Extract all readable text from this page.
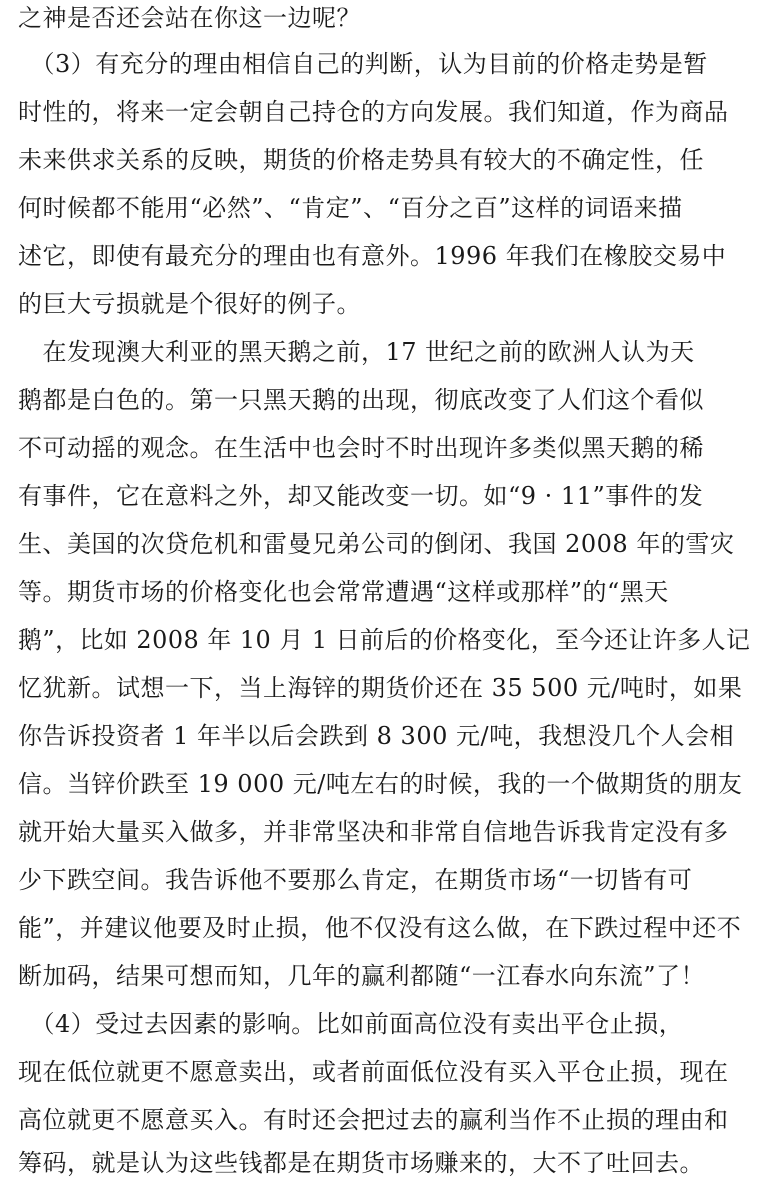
之神是否还会站在你这一边呢？
　（3）有充分的理由相信自己的判断，认为目前的价格走势是暂
时性的，将来一定会朝自己持仓的方向发展。我们知道，作为商品
未来供求关系的反映，期货的价格走势具有较大的不确定性，任
何时候都不能用“必然”、“肯定”、“百分之百”这样的词语来描
述它，即使有最充分的理由也有意外。1996 年我们在橡胶交易中
的巨大亏损就是个很好的例子。
　在发现澳大利亚的黑天鹅之前，17 世纪之前的欧洲人认为天
鹅都是白色的。第一只黑天鹅的出现，彻底改变了人们这个看似
不可动摇的观念。在生活中也会时不时出现许多类似黑天鹅的稀
有事件，它在意料之外，却又能改变一切。如“9 · 11”事件的发
生、美国的次贷危机和雷曼兄弟公司的倒闭、我国 2008 年的雪灾
等。期货市场的价格变化也会常常遭遇“这样或那样”的“黑天
鹅”，比如 2008 年 10 月 1 日前后的价格变化，至今还让许多人记
忆犹新。试想一下，当上海锌的期货价还在 35 500 元/吨时，如果
你告诉投资者 1 年半以后会跌到 8 300 元/吨，我想没几个人会相
信。当锌价跌至 19 000 元/吨左右的时候，我的一个做期货的朋友
就开始大量买入做多，并非常坚决和非常自信地告诉我肯定没有多
少下跌空间。我告诉他不要那么肯定，在期货市场“一切皆有可
能”，并建议他要及时止损，他不仅没有这么做，在下跌过程中还不
断加码，结果可想而知，几年的赢利都随“一江春水向东流”了！
　（4）受过去因素的影响。比如前面高位没有卖出平仓止损，
现在低位就更不愿意卖出，或者前面低位没有买入平仓止损，现在
高位就更不愿意买入。有时还会把过去的赢利当作不止损的理由和
筹码，就是认为这些钱都是在期货市场赚来的，大不了吐回去。
